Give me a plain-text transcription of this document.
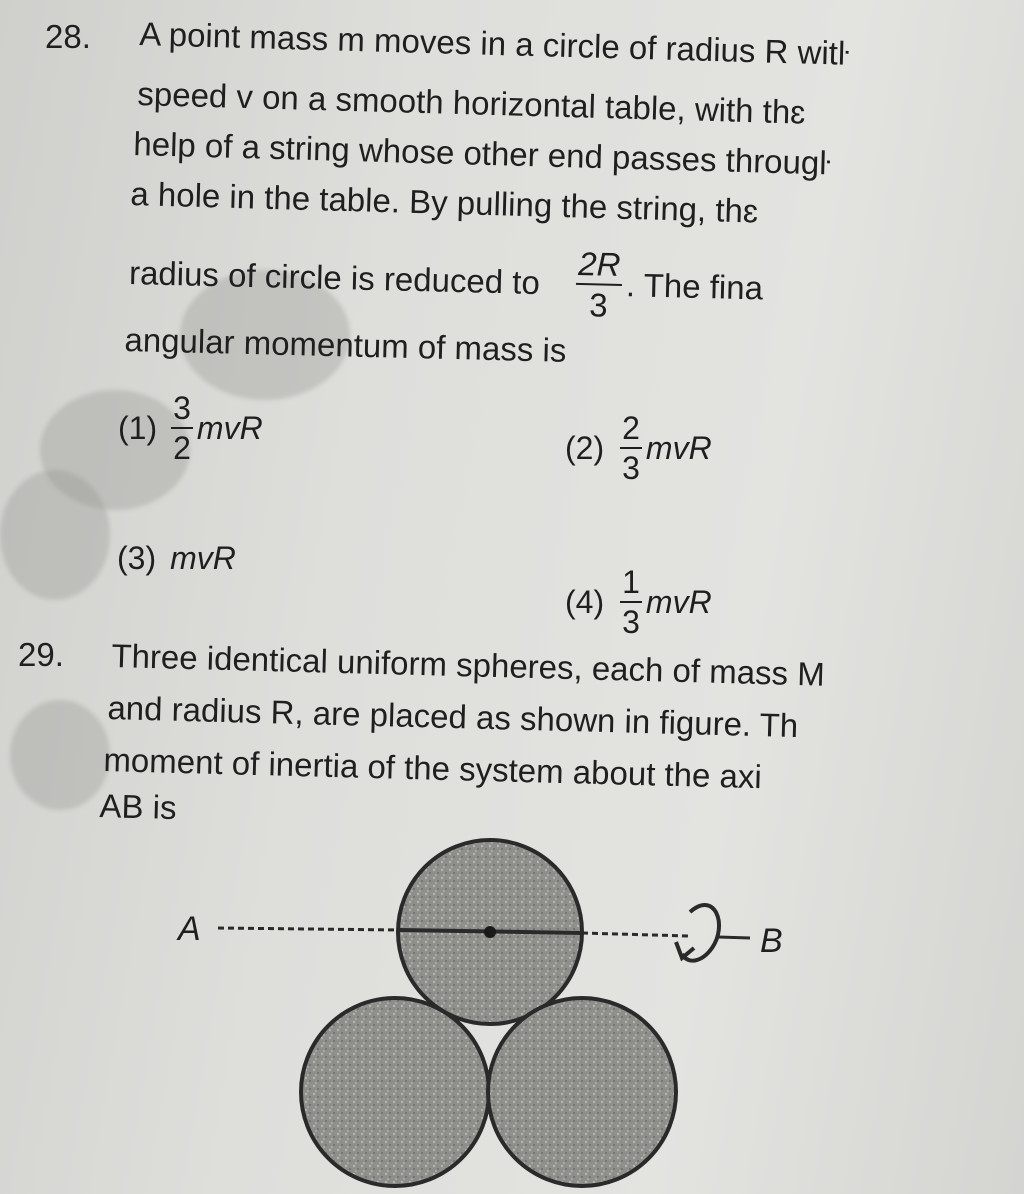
28. A point mass m moves in a circle of radius R witŀ
speed v on a smooth horizontal table, with thɛ
help of a string whose other end passes througŀ
a hole in the table. By pulling the string, thɛ
radius of circle is reduced to $\frac{2R}{3}$ . The fina
angular momentum of mass is
$(1) \frac{3}{2}$ mvR
$(2) \frac{2}{3}$ mvR
(3) mvR
$(4) \frac{1}{3}$ mvR
29. Three identical uniform spheres, each of mass M
and radius R, are placed as shown in figure. Th
moment of inertia of the system about the axi
AB is
A	B
